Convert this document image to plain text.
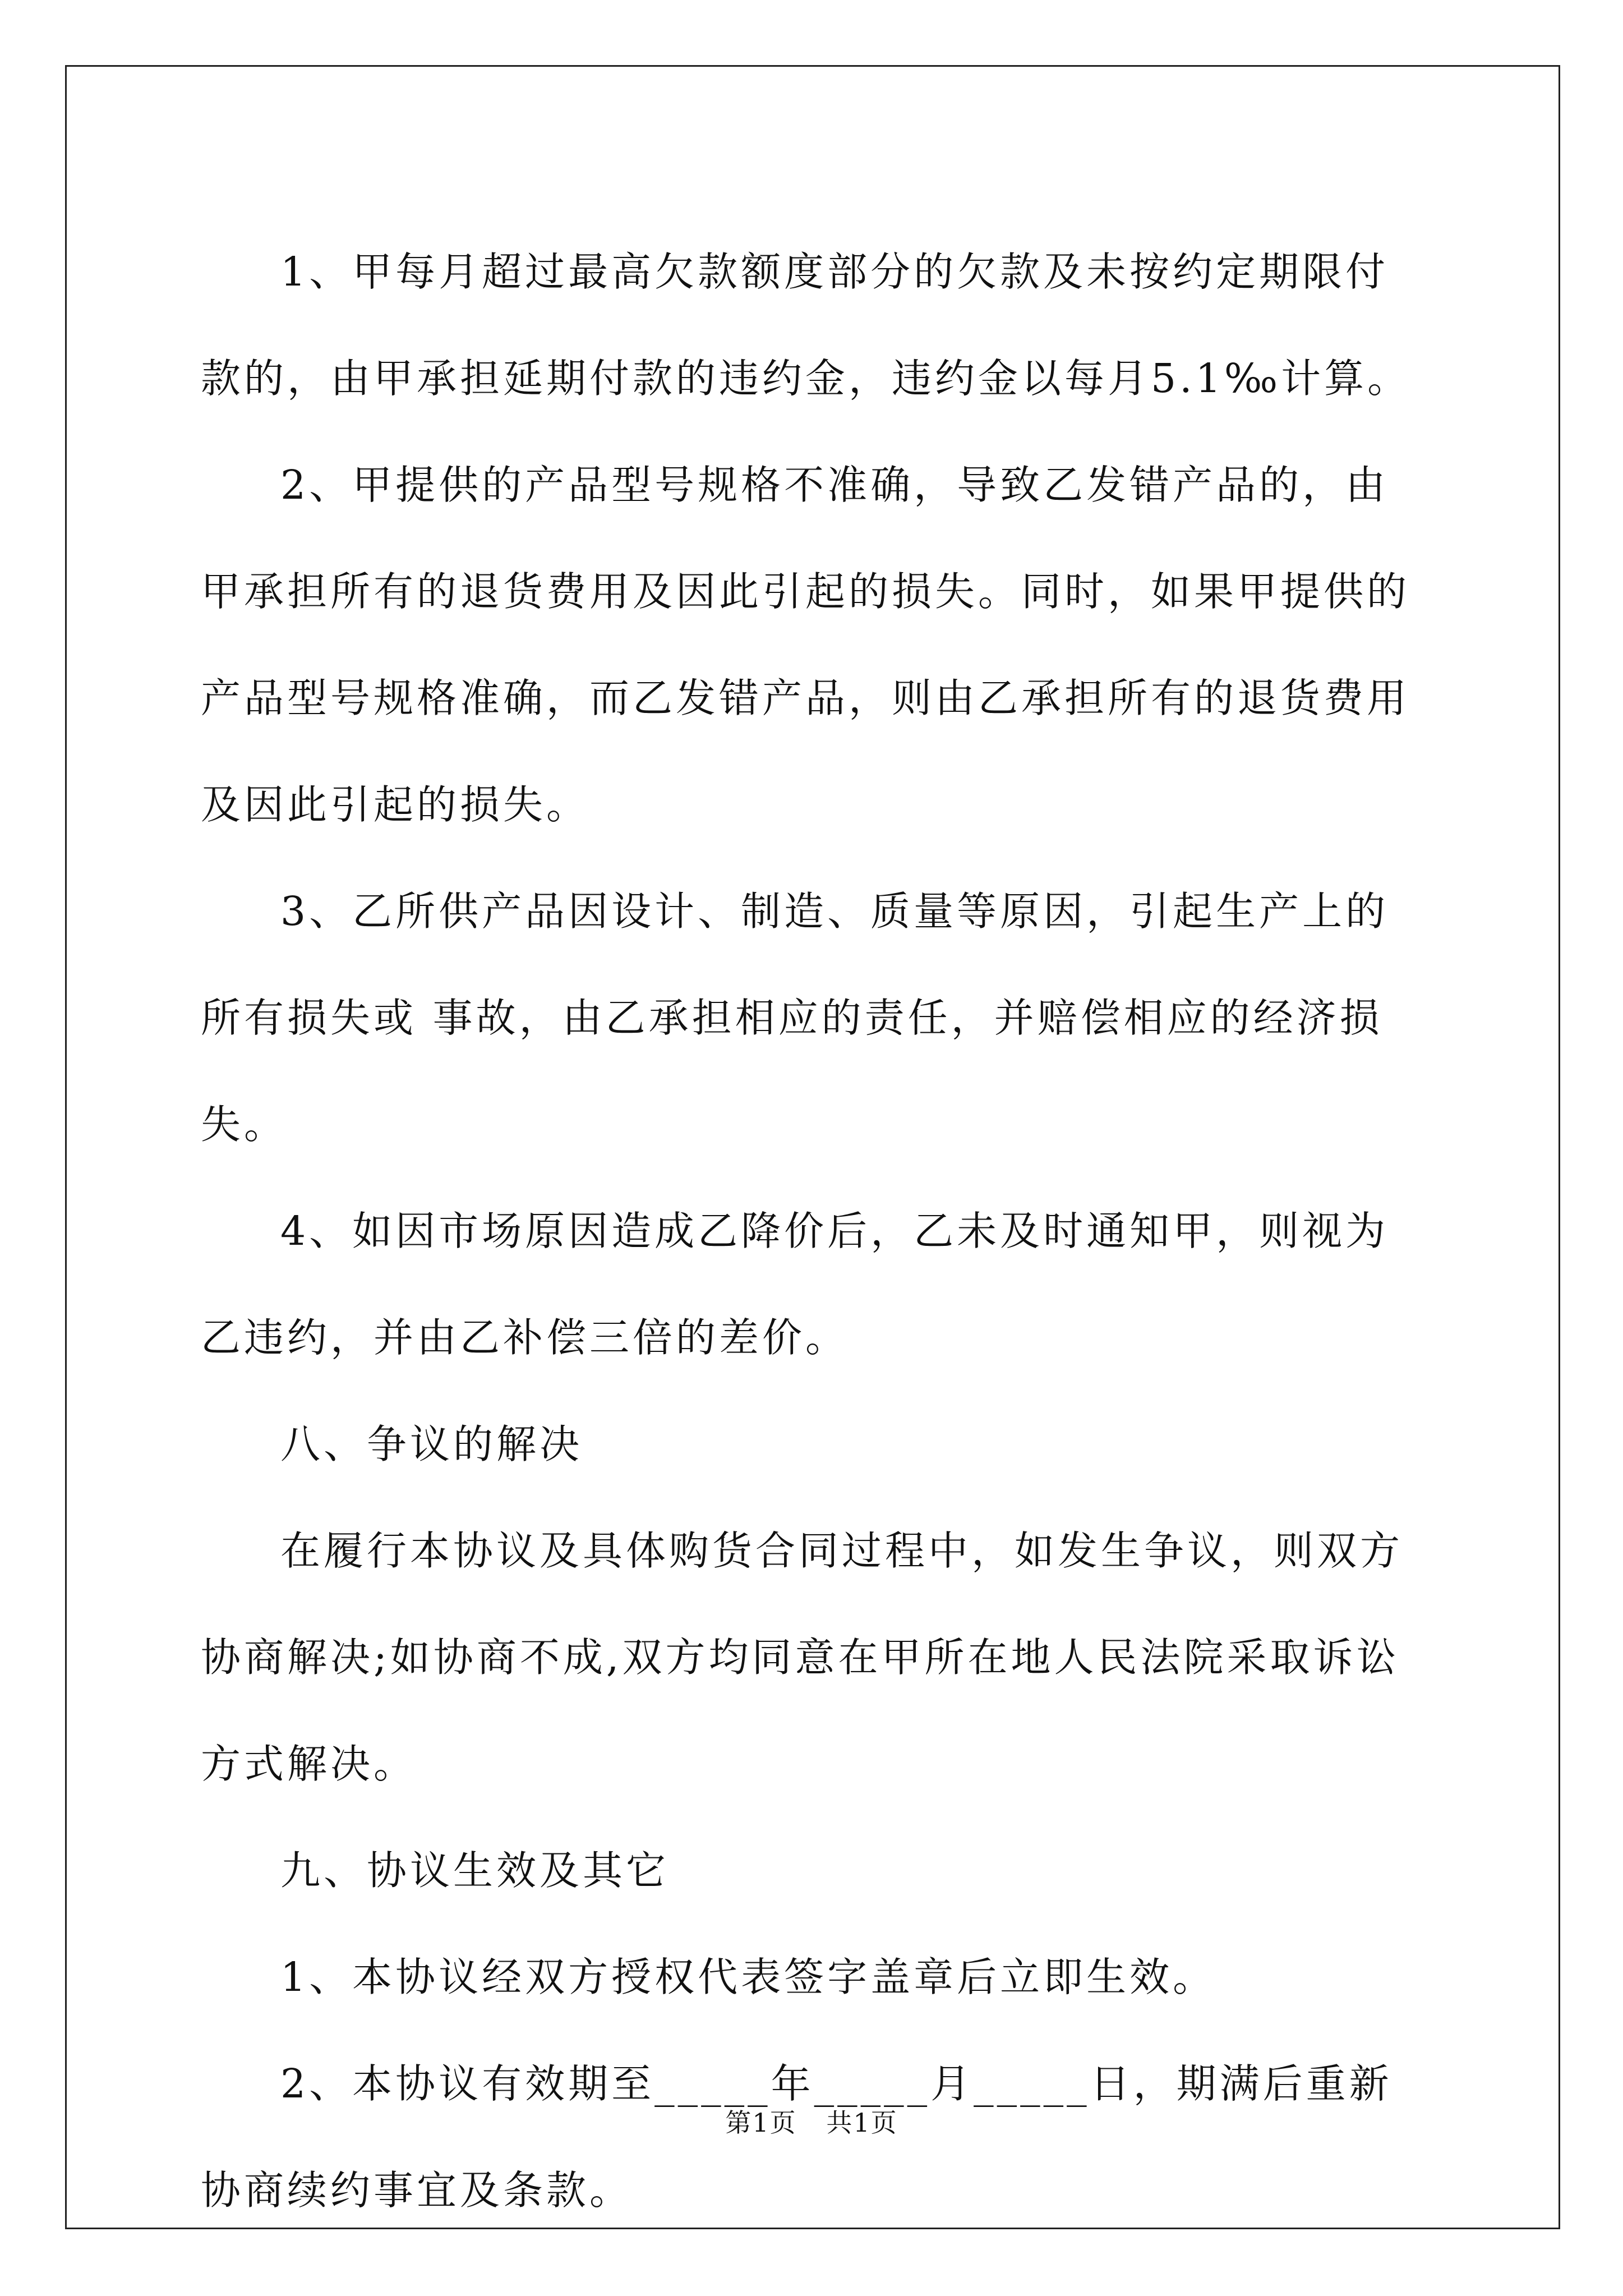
1、甲每月超过最高欠款额度部分的欠款及未按约定期限付款的，由甲承担延期付款的违约金，违约金以每月5.1‰计算。

2、甲提供的产品型号规格不准确，导致乙发错产品的，由甲承担所有的退货费用及因此引起的损失。同时，如果甲提供的产品型号规格准确，而乙发错产品，则由乙承担所有的退货费用及因此引起的损失。

3、乙所供产品因设计、制造、质量等原因，引起生产上的所有损失或 事故，由乙承担相应的责任，并赔偿相应的经济损失。

4、如因市场原因造成乙降价后，乙未及时通知甲，则视为乙违约，并由乙补偿三倍的差价。

八、争议的解决

在履行本协议及具体购货合同过程中，如发生争议，则双方协商解决;如协商不成,双方均同意在甲所在地人民法院采取诉讼方式解决。

九、协议生效及其它

1、本协议经双方授权代表签字盖章后立即生效。

2、本协议有效期至_____年_____月_____日，期满后重新协商续约事宜及条款。

第1页 共1页
